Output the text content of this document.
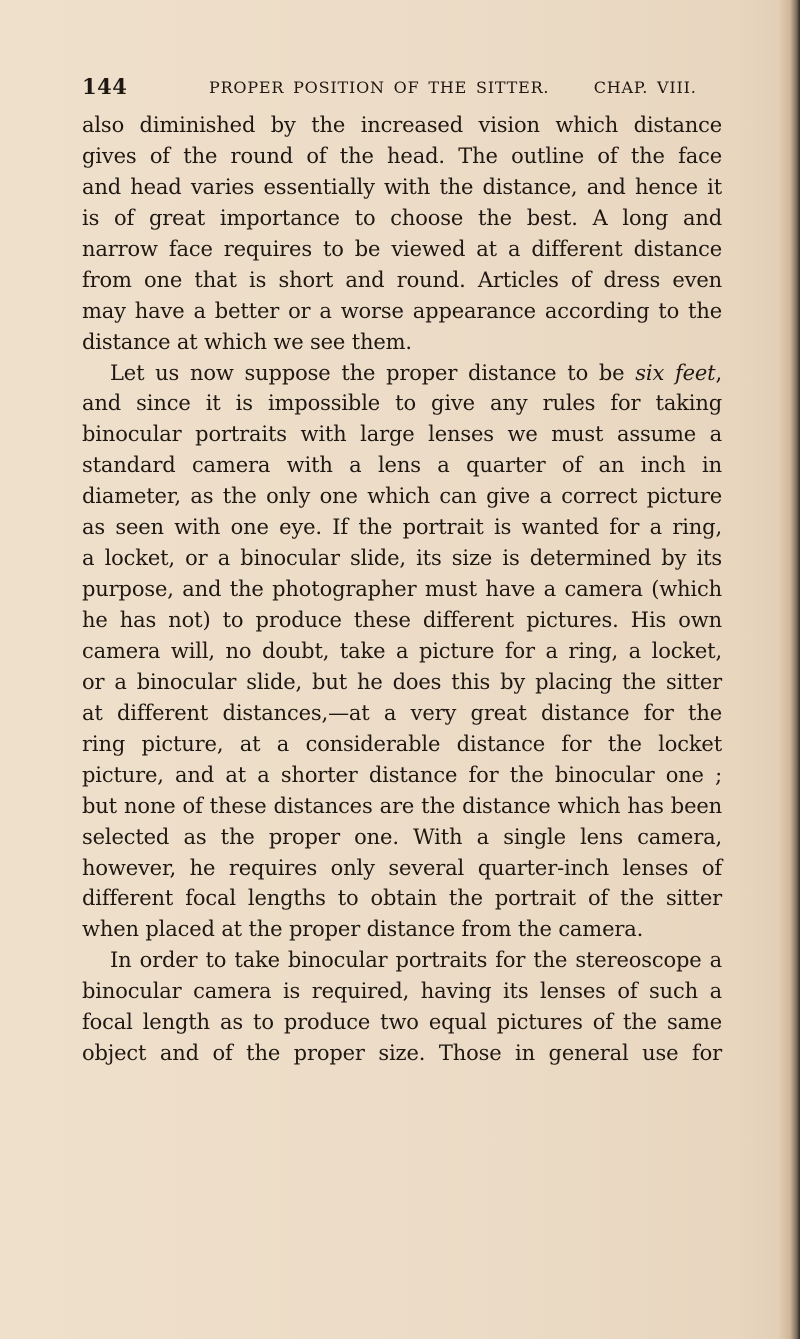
144	PROPER POSITION OF THE SITTER.	CHAP. VIII.
also diminished by the increased vision which distance
gives of the round of the head. The outline of the face
and head varies essentially with the distance, and hence it
is of great importance to choose the best. A long and
narrow face requires to be viewed at a different distance
from one that is short and round. Articles of dress even
may have a better or a worse appearance according to the
distance at which we see them.
Let us now suppose the proper distance to be six feet,
and since it is impossible to give any rules for taking
binocular portraits with large lenses we must assume a
standard camera with a lens a quarter of an inch in
diameter, as the only one which can give a correct picture
as seen with one eye. If the portrait is wanted for a ring,
a locket, or a binocular slide, its size is determined by its
purpose, and the photographer must have a camera (which
he has not) to produce these different pictures. His own
camera will, no doubt, take a picture for a ring, a locket,
or a binocular slide, but he does this by placing the sitter
at different distances,—at a very great distance for the
ring picture, at a considerable distance for the locket
picture, and at a shorter distance for the binocular one ;
but none of these distances are the distance which has been
selected as the proper one. With a single lens camera,
however, he requires only several quarter-inch lenses of
different focal lengths to obtain the portrait of the sitter
when placed at the proper distance from the camera.
In order to take binocular portraits for the stereoscope a
binocular camera is required, having its lenses of such a
focal length as to produce two equal pictures of the same
object and of the proper size. Those in general use for
